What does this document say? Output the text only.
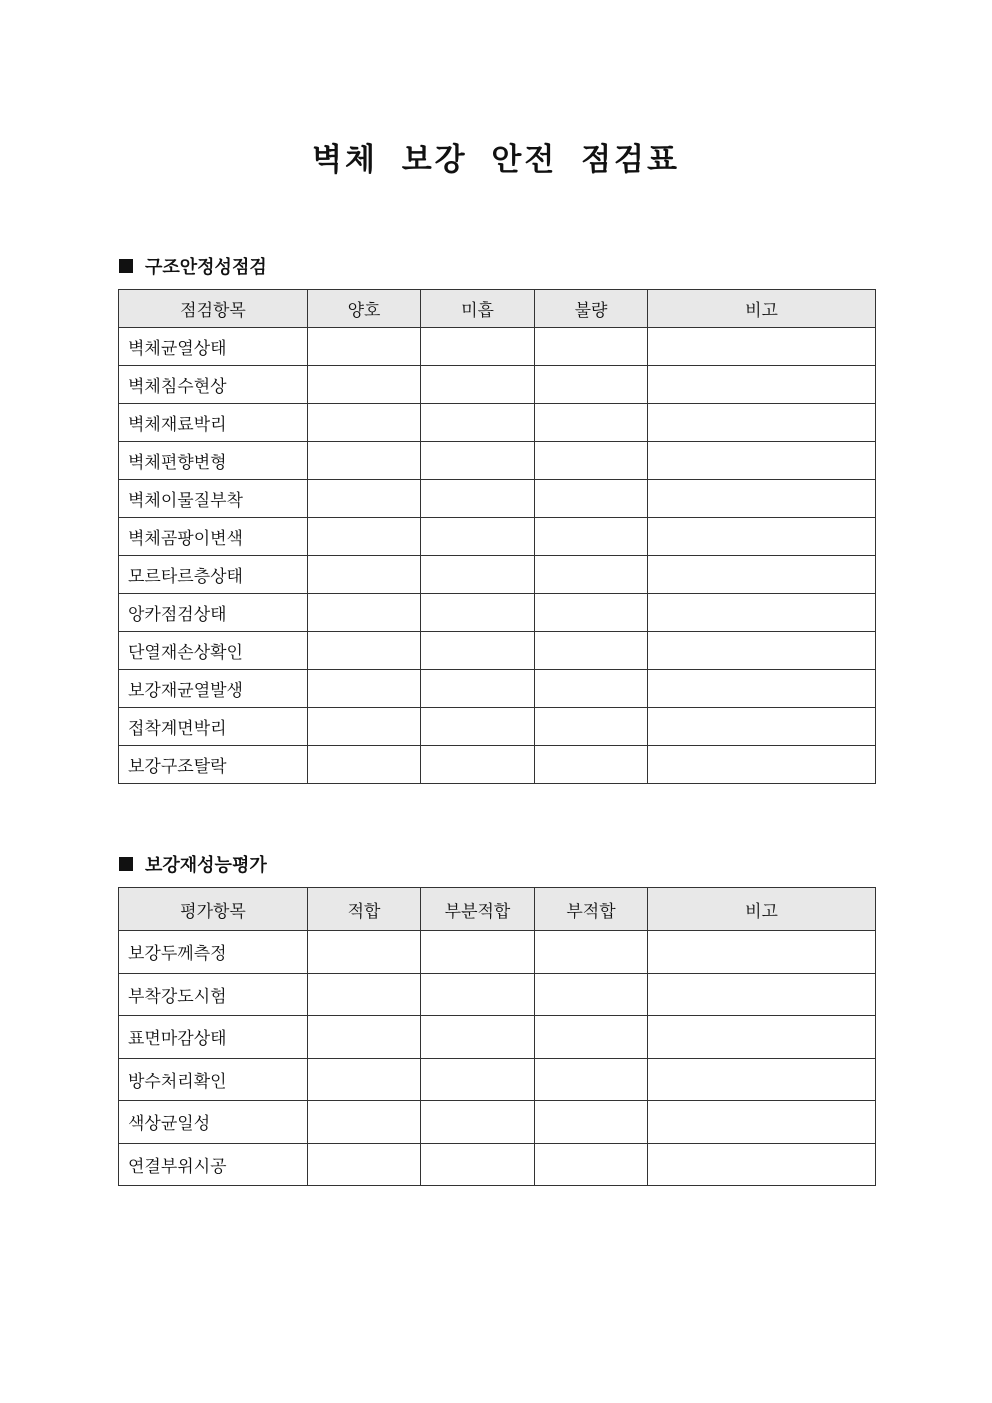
벽체 보강 안전 점검표
구조안정성점검
점검항목	양호	미흡	불량	비고
벽체균열상태				
벽체침수현상				
벽체재료박리				
벽체편향변형				
벽체이물질부착				
벽체곰팡이변색				
모르타르층상태				
앙카점검상태				
단열재손상확인				
보강재균열발생				
접착계면박리				
보강구조탈락				
보강재성능평가
평가항목	적합	부분적합	부적합	비고
보강두께측정				
부착강도시험				
표면마감상태				
방수처리확인				
색상균일성				
연결부위시공				
